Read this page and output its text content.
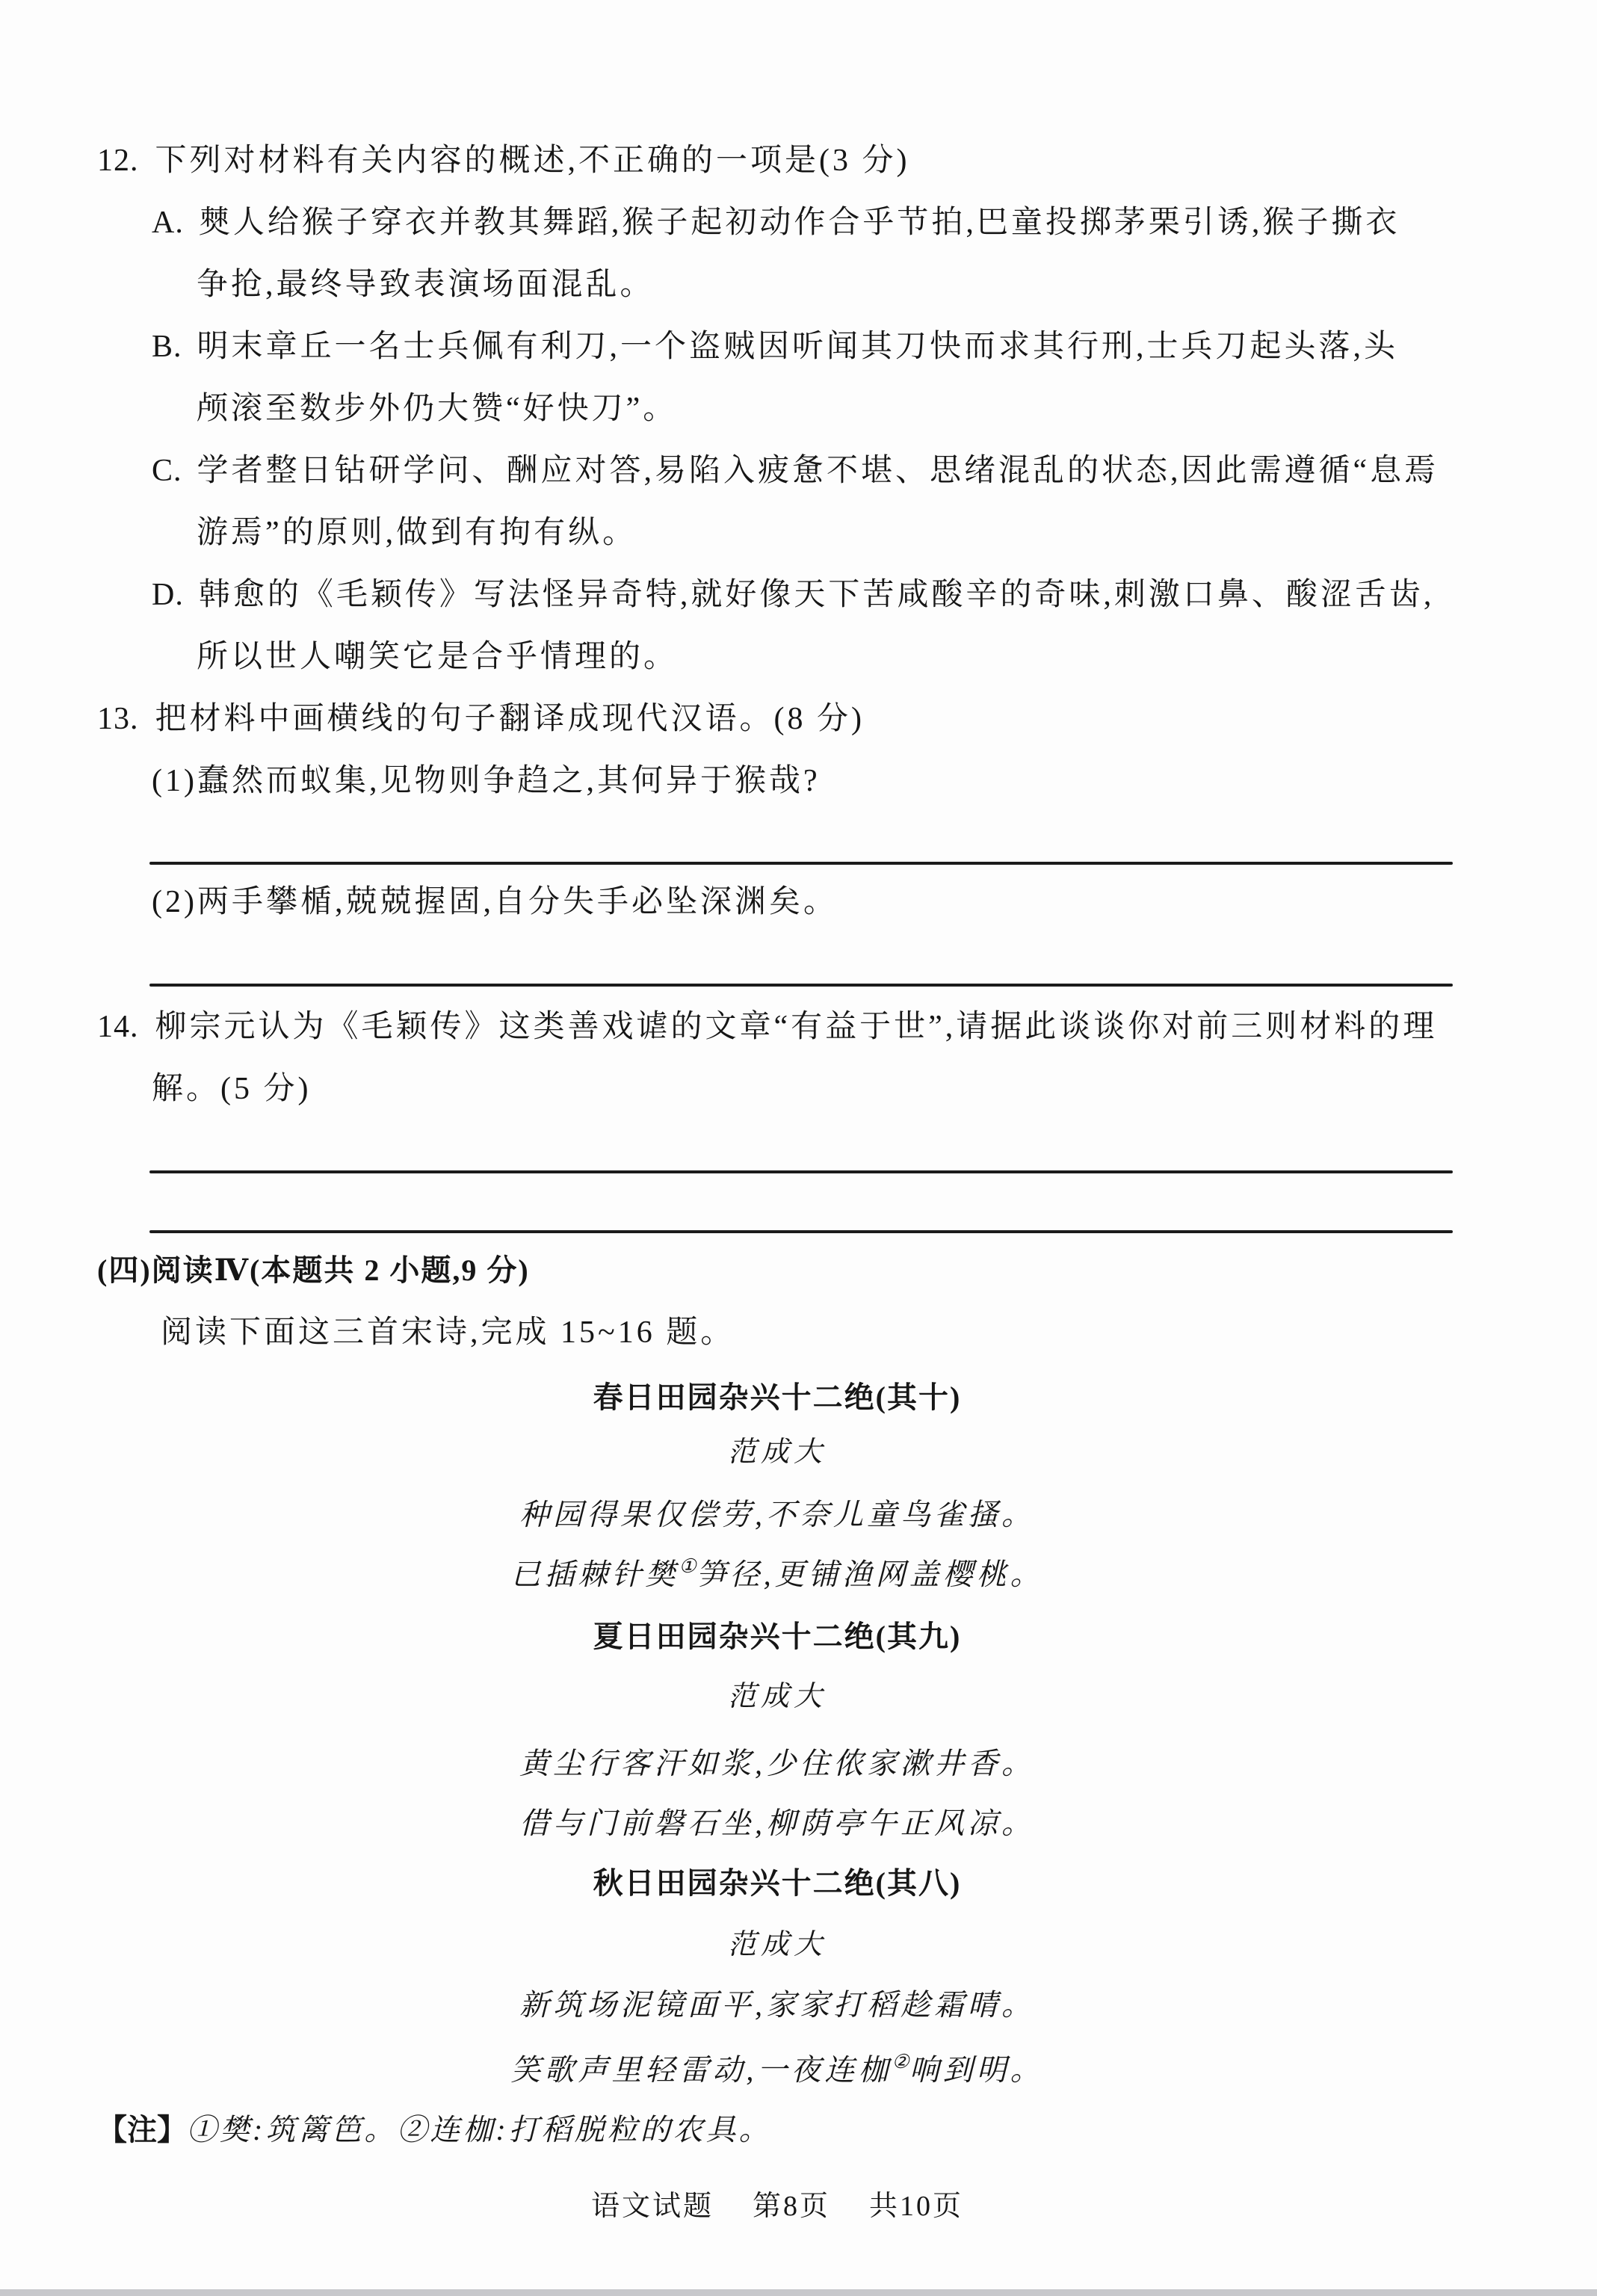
12. 下列对材料有关内容的概述,不正确的一项是(3 分)
A. 僰人给猴子穿衣并教其舞蹈,猴子起初动作合乎节拍,巴童投掷茅栗引诱,猴子撕衣
争抢,最终导致表演场面混乱。
B. 明末章丘一名士兵佩有利刀,一个盗贼因听闻其刀快而求其行刑,士兵刀起头落,头
颅滚至数步外仍大赞“好快刀”。
C. 学者整日钻研学问、酬应对答,易陷入疲惫不堪、思绪混乱的状态,因此需遵循“息焉
游焉”的原则,做到有拘有纵。
D. 韩愈的《毛颖传》写法怪异奇特,就好像天下苦咸酸辛的奇味,刺激口鼻、酸涩舌齿,
所以世人嘲笑它是合乎情理的。
13. 把材料中画横线的句子翻译成现代汉语。(8 分)
(1)蠢然而蚁集,见物则争趋之,其何异于猴哉?
(2)两手攀楯,兢兢握固,自分失手必坠深渊矣。
14. 柳宗元认为《毛颖传》这类善戏谑的文章“有益于世”,请据此谈谈你对前三则材料的理
解。(5 分)
(四)阅读Ⅳ(本题共 2 小题,9 分)
阅读下面这三首宋诗,完成 15~16 题。
春日田园杂兴十二绝(其十)
范成大
种园得果仅偿劳,不奈儿童鸟雀搔。
已插棘针樊①笋径,更铺渔网盖樱桃。
夏日田园杂兴十二绝(其九)
范成大
黄尘行客汗如浆,少住侬家漱井香。
借与门前磐石坐,柳荫亭午正风凉。
秋日田园杂兴十二绝(其八)
范成大
新筑场泥镜面平,家家打稻趁霜晴。
笑歌声里轻雷动,一夜连枷②响到明。
【注】①樊:筑篱笆。②连枷:打稻脱粒的农具。
语文试题 第8页 共10页
